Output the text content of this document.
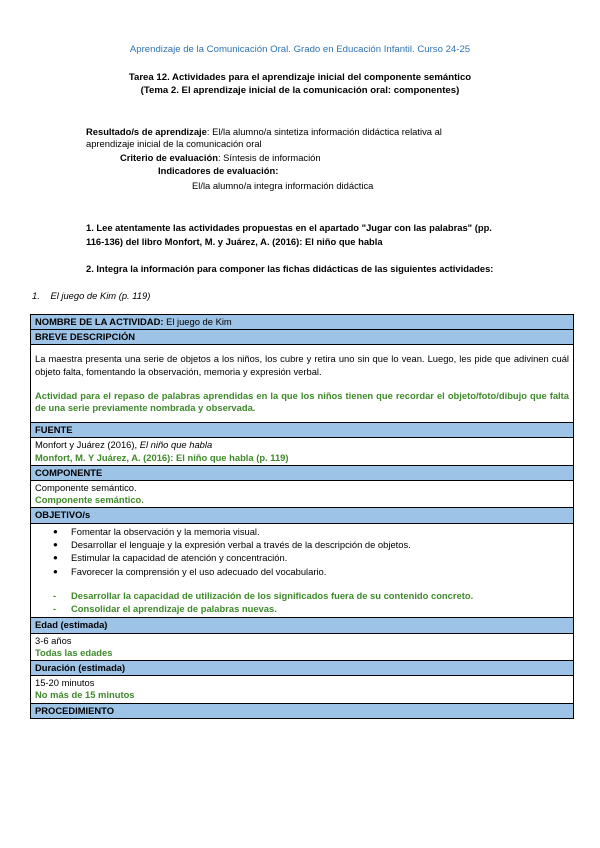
Aprendizaje de la Comunicación Oral. Grado en Educación Infantil. Curso 24-25
Tarea 12. Actividades para el aprendizaje inicial del componente semántico
(Tema 2. El aprendizaje inicial de la comunicación oral: componentes)
Resultado/s de aprendizaje: El/la alumno/a sintetiza información didáctica relativa al
aprendizaje inicial de la comunicación oral
Criterio de evaluación: Síntesis de información
Indicadores de evaluación:
El/la alumno/a integra información didáctica
1. Lee atentamente las actividades propuestas en el apartado "Jugar con las palabras" (pp.
116-136) del libro Monfort, M. y Juárez, A. (2016): El niño que habla
2. Integra la información para componer las fichas didácticas de las siguientes actividades:
1. El juego de Kim (p. 119)
NOMBRE DE LA ACTIVIDAD: El juego de Kim
BREVE DESCRIPCIÓN

La maestra presenta una serie de objetos a los niños, los cubre y retira uno sin que lo vean. Luego, les pide que adivinen cuál objeto falta, fomentando la observación, memoria y expresión verbal.
Actividad para el repaso de palabras aprendidas en la que los niños tienen que recordar el objeto/foto/dibujo que falta de una serie previamente nombrada y observada.

FUENTE

Monfort y Juárez (2016), El niño que habla
Monfort, M. Y Juárez, A. (2016): El niño que habla (p. 119)

COMPONENTE

Componente semántico.
Componente semántico.

OBJETIVO/s

● Fomentar la observación y la memoria visual.
● Desarrollar el lenguaje y la expresión verbal a través de la descripción de objetos.
● Estimular la capacidad de atención y concentración.
● Favorecer la comprensión y el uso adecuado del vocabulario.
- Desarrollar la capacidad de utilización de los significados fuera de su contenido concreto.
- Consolidar el aprendizaje de palabras nuevas.

Edad (estimada)

3-6 años
Todas las edades

Duración (estimada)

15-20 minutos
No más de 15 minutos

PROCEDIMIENTO
